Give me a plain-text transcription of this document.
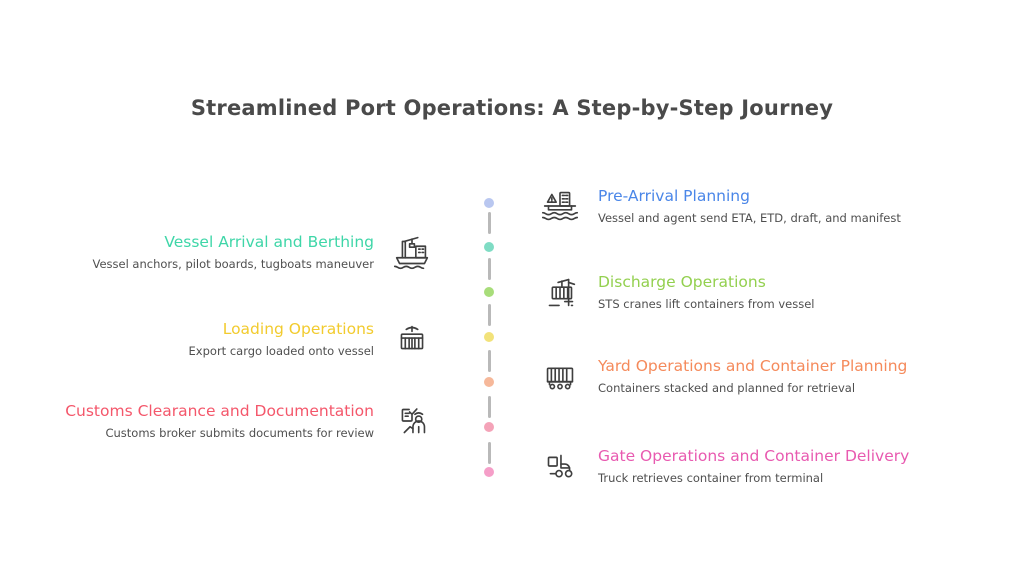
Streamlined Port Operations: A Step-by-Step Journey
Pre-Arrival Planning
Vessel and agent send ETA, ETD, draft, and manifest
Vessel Arrival and Berthing
Vessel anchors, pilot boards, tugboats maneuver
Discharge Operations
STS cranes lift containers from vessel
Loading Operations
Export cargo loaded onto vessel
Yard Operations and Container Planning
Containers stacked and planned for retrieval
Customs Clearance and Documentation
Customs broker submits documents for review
Gate Operations and Container Delivery
Truck retrieves container from terminal
